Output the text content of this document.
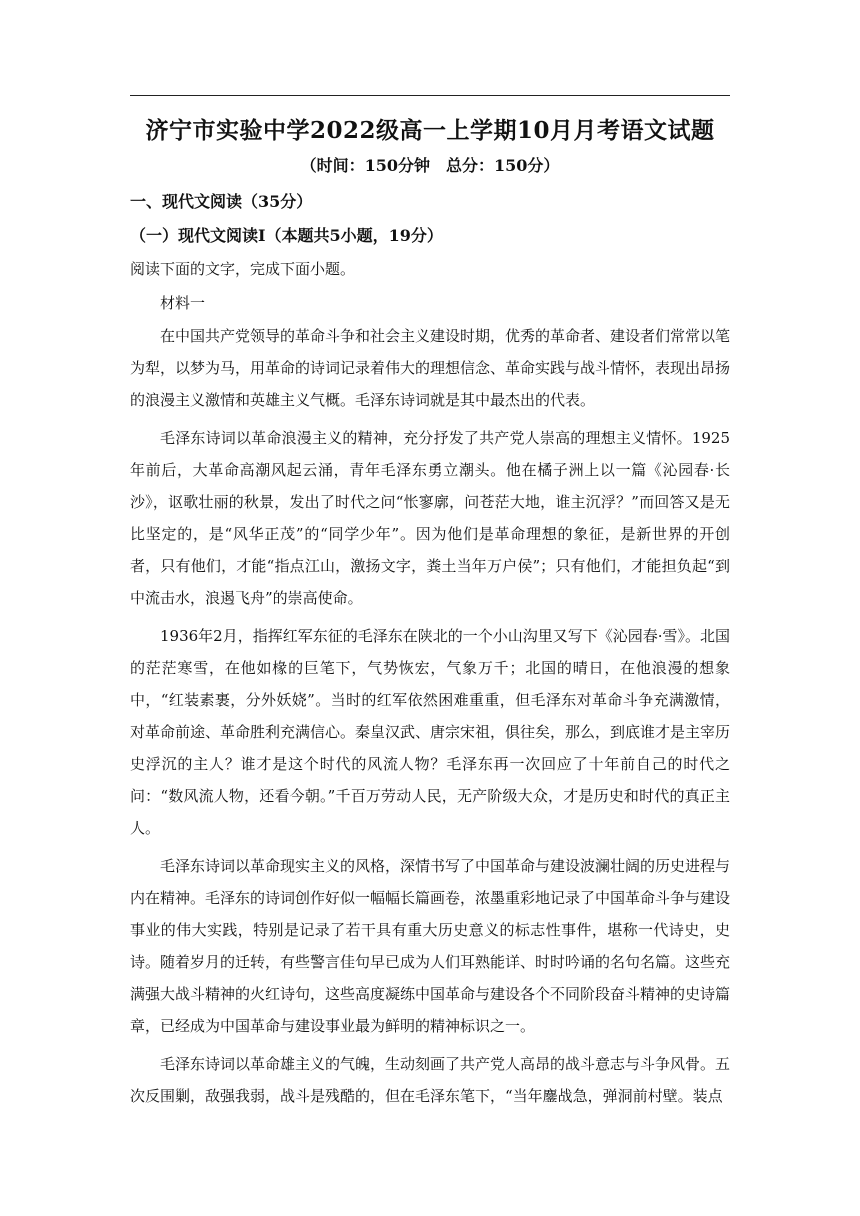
济宁市实验中学2022级高一上学期10月月考语文试题
（时间：150分钟　总分：150分）
一、现代文阅读（35分）
（一）现代文阅读Ⅰ（本题共5小题，19分）
阅读下面的文字，完成下面小题。
材料一

在中国共产党领导的革命斗争和社会主义建设时期，优秀的革命者、建设者们常常以笔为犁，以梦为马，用革命的诗词记录着伟大的理想信念、革命实践与战斗情怀，表现出昂扬的浪漫主义激情和英雄主义气概。毛泽东诗词就是其中最杰出的代表。

毛泽东诗词以革命浪漫主义的精神，充分抒发了共产党人崇高的理想主义情怀。1925年前后，大革命高潮风起云涌，青年毛泽东勇立潮头。他在橘子洲上以一篇《沁园春·长沙》，讴歌壮丽的秋景，发出了时代之问“怅寥廓，问苍茫大地，谁主沉浮？”而回答又是无比坚定的，是“风华正茂”的“同学少年”。因为他们是革命理想的象征，是新世界的开创者，只有他们，才能“指点江山，激扬文字，粪土当年万户侯”；只有他们，才能担负起“到中流击水，浪遏飞舟”的崇高使命。

1936年2月，指挥红军东征的毛泽东在陕北的一个小山沟里又写下《沁园春·雪》。北国的茫茫寒雪，在他如椽的巨笔下，气势恢宏，气象万千；北国的晴日，在他浪漫的想象中，“红装素裹，分外妖娆”。当时的红军依然困难重重，但毛泽东对革命斗争充满激情，对革命前途、革命胜利充满信心。秦皇汉武、唐宗宋祖，俱往矣，那么，到底谁才是主宰历史浮沉的主人？谁才是这个时代的风流人物？毛泽东再一次回应了十年前自己的时代之问：“数风流人物，还看今朝。”千百万劳动人民，无产阶级大众，才是历史和时代的真正主人。

毛泽东诗词以革命现实主义的风格，深情书写了中国革命与建设波澜壮阔的历史进程与内在精神。毛泽东的诗词创作好似一幅幅长篇画卷，浓墨重彩地记录了中国革命斗争与建设事业的伟大实践，特别是记录了若干具有重大历史意义的标志性事件，堪称一代诗史，史诗。随着岁月的迁转，有些警言佳句早已成为人们耳熟能详、时时吟诵的名句名篇。这些充满强大战斗精神的火红诗句，这些高度凝练中国革命与建设各个不同阶段奋斗精神的史诗篇章，已经成为中国革命与建设事业最为鲜明的精神标识之一。

毛泽东诗词以革命雄主义的气魄，生动刻画了共产党人高昂的战斗意志与斗争风骨。五次反围剿，敌强我弱，战斗是残酷的，但在毛泽东笔下，“当年鏖战急，弹洞前村壁。装点
